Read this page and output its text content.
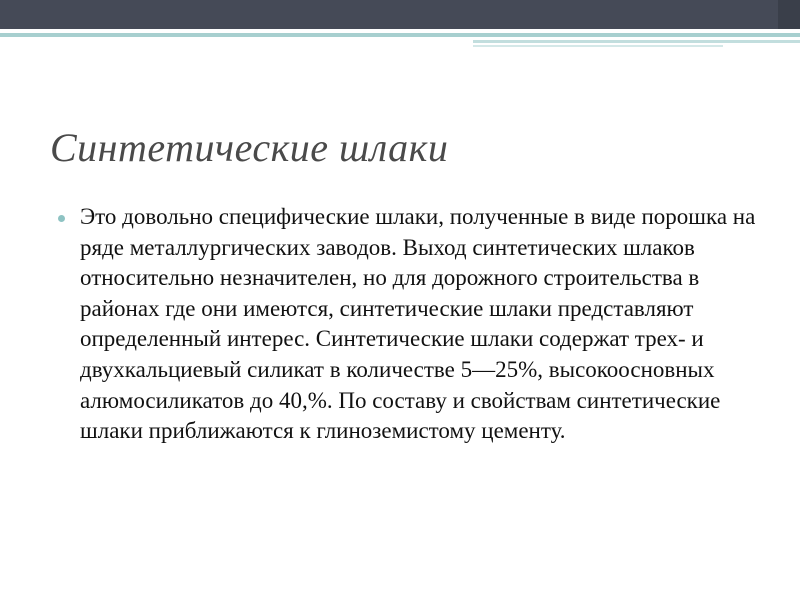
Синтетические шлаки
Это довольно специфические шлаки, полученные в виде порошка на ряде металлургических заводов. Выход синтетических шлаков относительно незначителен, но для дорожного строительства в районах где они имеются, синтетические шлаки представляют определенный интерес. Синтетические шлаки содержат трех- и двухкальциевый силикат в количестве 5—25%, высокоосновных алюмосиликатов до 40,%. По составу и свойствам синтетические шлаки приближаются к глиноземистому цементу.
